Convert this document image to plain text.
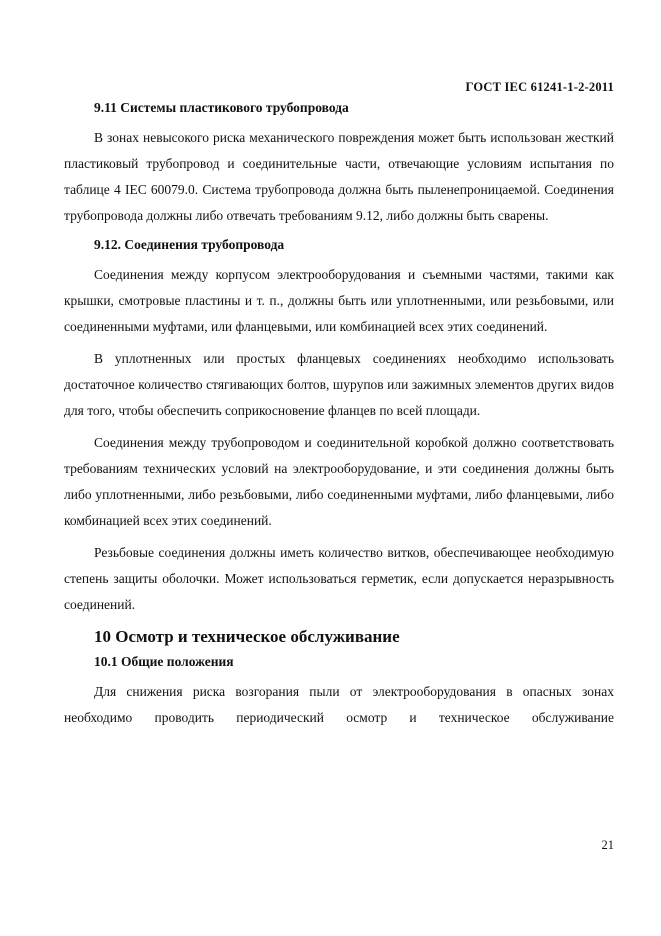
ГОСТ IEC 61241-1-2-2011
9.11 Системы пластикового трубопровода
В зонах невысокого риска механического повреждения может быть использован жесткий пластиковый трубопровод и соединительные части, отвечающие условиям испытания по таблице 4 IEC 60079.0. Система трубопровода должна быть пыленепроницаемой. Соединения трубопровода должны либо отвечать требованиям 9.12, либо должны быть сварены.
9.12. Соединения трубопровода
Соединения между корпусом электрооборудования и съемными частями, такими как крышки, смотровые пластины и т. п., должны быть или уплотненными, или резьбовыми, или соединенными муфтами, или фланцевыми, или комбинацией всех этих соединений.
В уплотненных или простых фланцевых соединениях необходимо использовать достаточное количество стягивающих болтов, шурупов или зажимных элементов других видов для того, чтобы обеспечить соприкосновение фланцев по всей площади.
Соединения между трубопроводом и соединительной коробкой должно соответствовать требованиям технических условий на электрооборудование, и эти соединения должны быть либо уплотненными, либо резьбовыми, либо соединенными муфтами, либо фланцевыми, либо комбинацией всех этих соединений.
Резьбовые соединения должны иметь количество витков, обеспечивающее необходимую степень защиты оболочки. Может использоваться герметик, если допускается неразрывность соединений.
10 Осмотр и техническое обслуживание
10.1 Общие положения
Для снижения риска возгорания пыли от электрооборудования в опасных зонах необходимо проводить периодический осмотр и техническое обслуживание
21
